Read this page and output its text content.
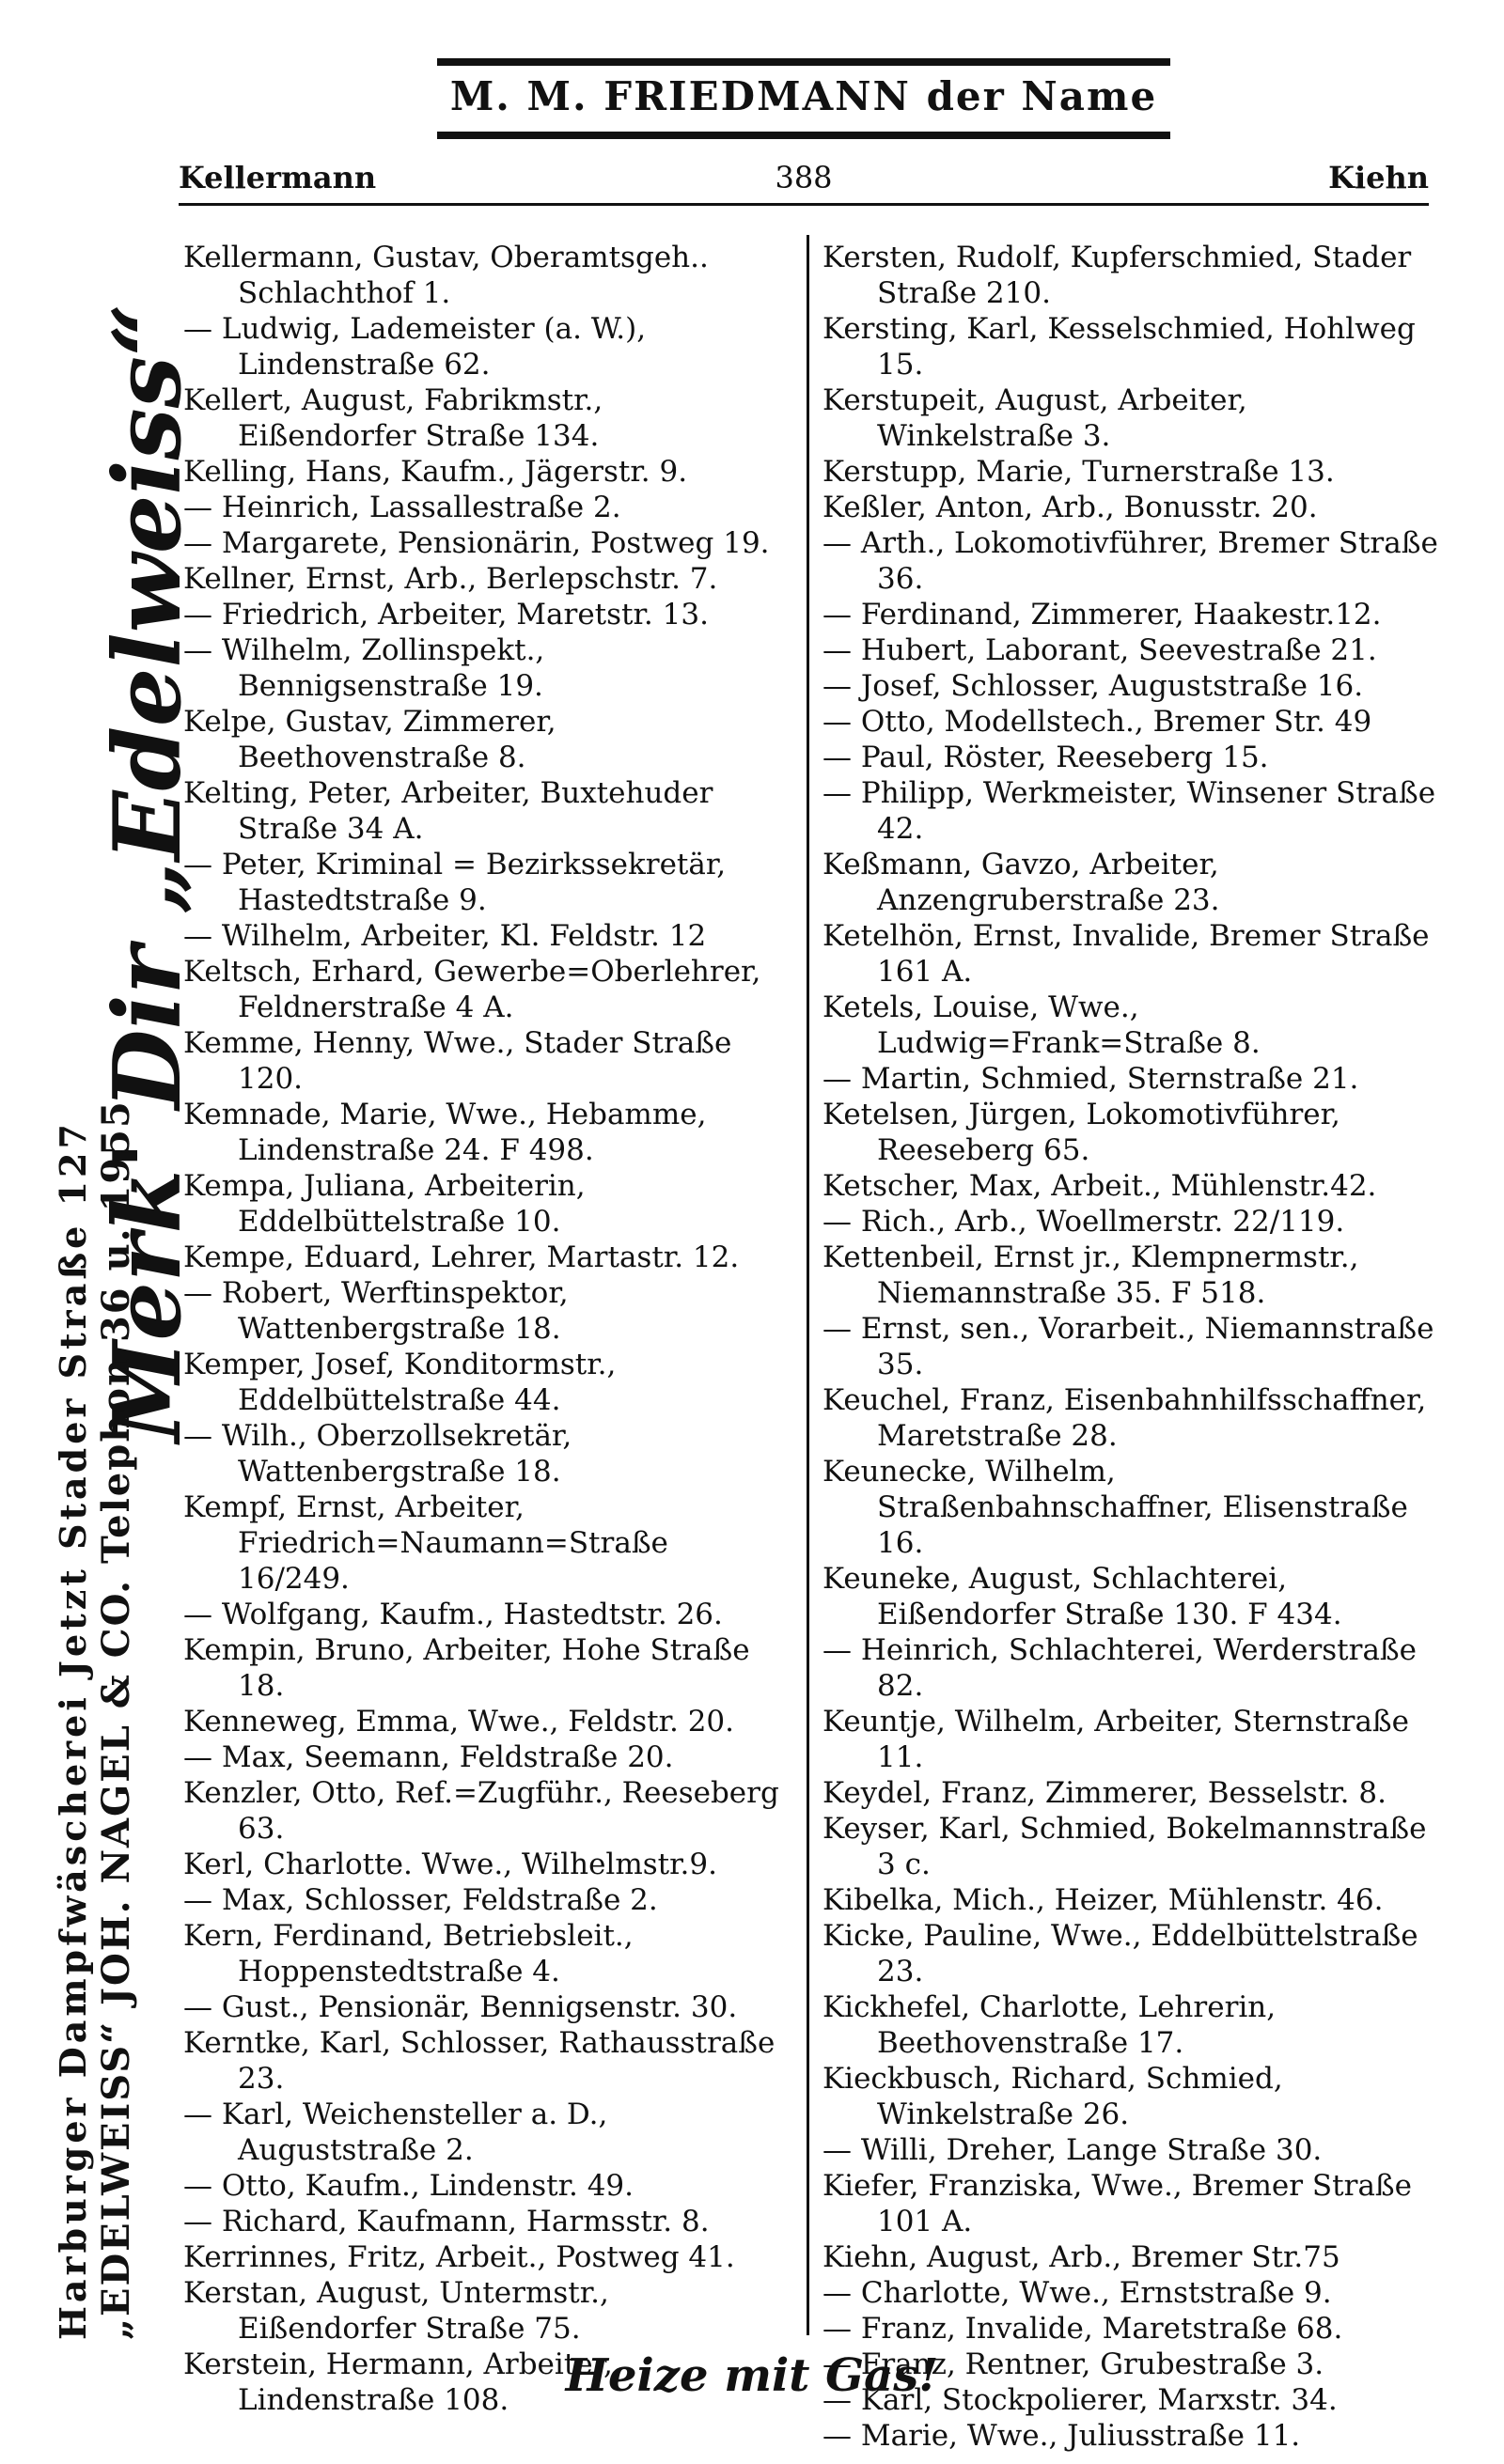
M. M. FRIEDMANN der Name
Kellermann	388	Kiehn
Merk' Dir „Edelweiss“
Harburger Dampfwäscherei Jetzt Stader Straße 127 „EDELWEISS“ JOH. NAGEL & CO. Telephon 36 u. 1955

Kellermann, Gustav, Oberamtsgeh.. Schlachthof 1.

— Ludwig, Lademeister (a. W.), Lindenstraße 62.

Kellert, August, Fabrikmstr., Eißendorfer Straße 134.

Kelling, Hans, Kaufm., Jägerstr. 9.

— Heinrich, Lassallestraße 2.

— Margarete, Pensionärin, Postweg 19.

Kellner, Ernst, Arb., Berlepschstr. 7.

— Friedrich, Arbeiter, Maretstr. 13.

— Wilhelm, Zollinspekt., Bennigsenstraße 19.

Kelpe, Gustav, Zimmerer, Beethovenstraße 8.

Kelting, Peter, Arbeiter, Buxtehuder Straße 34 A.

— Peter, Kriminal = Bezirkssekretär, Hastedtstraße 9.

— Wilhelm, Arbeiter, Kl. Feldstr. 12

Keltsch, Erhard, Gewerbe=Oberlehrer, Feldnerstraße 4 A.

Kemme, Henny, Wwe., Stader Straße 120.

Kemnade, Marie, Wwe., Hebamme, Lindenstraße 24. F 498.

Kempa, Juliana, Arbeiterin, Eddelbüttelstraße 10.

Kempe, Eduard, Lehrer, Martastr. 12.

— Robert, Werftinspektor, Wattenbergstraße 18.

Kemper, Josef, Konditormstr., Eddelbüttelstraße 44.

— Wilh., Oberzollsekretär, Wattenbergstraße 18.

Kempf, Ernst, Arbeiter, Friedrich=Naumann=Straße 16/249.

— Wolfgang, Kaufm., Hastedtstr. 26.

Kempin, Bruno, Arbeiter, Hohe Straße 18.

Kenneweg, Emma, Wwe., Feldstr. 20.

— Max, Seemann, Feldstraße 20.

Kenzler, Otto, Ref.=Zugführ., Reeseberg 63.

Kerl, Charlotte. Wwe., Wilhelmstr.9.

— Max, Schlosser, Feldstraße 2.

Kern, Ferdinand, Betriebsleit., Hoppenstedtstraße 4.

— Gust., Pensionär, Bennigsenstr. 30.

Kerntke, Karl, Schlosser, Rathausstraße 23.

— Karl, Weichensteller a. D., Auguststraße 2.

— Otto, Kaufm., Lindenstr. 49.

— Richard, Kaufmann, Harmsstr. 8.

Kerrinnes, Fritz, Arbeit., Postweg 41.

Kerstan, August, Untermstr., Eißendorfer Straße 75.

Kerstein, Hermann, Arbeiter, Lindenstraße 108.

Kersten, Rudolf, Kupferschmied, Stader Straße 210.

Kersting, Karl, Kesselschmied, Hohlweg 15.

Kerstupeit, August, Arbeiter, Winkelstraße 3.

Kerstupp, Marie, Turnerstraße 13.

Keßler, Anton, Arb., Bonusstr. 20.

— Arth., Lokomotivführer, Bremer Straße 36.

— Ferdinand, Zimmerer, Haakestr.12.

— Hubert, Laborant, Seevestraße 21.

— Josef, Schlosser, Auguststraße 16.

— Otto, Modellstech., Bremer Str. 49

— Paul, Röster, Reeseberg 15.

— Philipp, Werkmeister, Winsener Straße 42.

Keßmann, Gavzo, Arbeiter, Anzengruberstraße 23.

Ketelhön, Ernst, Invalide, Bremer Straße 161 A.

Ketels, Louise, Wwe., Ludwig=Frank=Straße 8.

— Martin, Schmied, Sternstraße 21.

Ketelsen, Jürgen, Lokomotivführer, Reeseberg 65.

Ketscher, Max, Arbeit., Mühlenstr.42.

— Rich., Arb., Woellmerstr. 22/119.

Kettenbeil, Ernst jr., Klempnermstr., Niemannstraße 35. F 518.

— Ernst, sen., Vorarbeit., Niemannstraße 35.

Keuchel, Franz, Eisenbahnhilfsschaffner, Maretstraße 28.

Keunecke, Wilhelm, Straßenbahnschaffner, Elisenstraße 16.

Keuneke, August, Schlachterei, Eißendorfer Straße 130. F 434.

— Heinrich, Schlachterei, Werderstraße 82.

Keuntje, Wilhelm, Arbeiter, Sternstraße 11.

Keydel, Franz, Zimmerer, Besselstr. 8.

Keyser, Karl, Schmied, Bokelmannstraße 3 c.

Kibelka, Mich., Heizer, Mühlenstr. 46.

Kicke, Pauline, Wwe., Eddelbüttelstraße 23.

Kickhefel, Charlotte, Lehrerin, Beethovenstraße 17.

Kieckbusch, Richard, Schmied, Winkelstraße 26.

— Willi, Dreher, Lange Straße 30.

Kiefer, Franziska, Wwe., Bremer Straße 101 A.

Kiehn, August, Arb., Bremer Str.75

— Charlotte, Wwe., Ernststraße 9.

— Franz, Invalide, Maretstraße 68.

— Franz, Rentner, Grubestraße 3.

— Karl, Stockpolierer, Marxstr. 34.

— Marie, Wwe., Juliusstraße 11.

Heize mit Gas!
